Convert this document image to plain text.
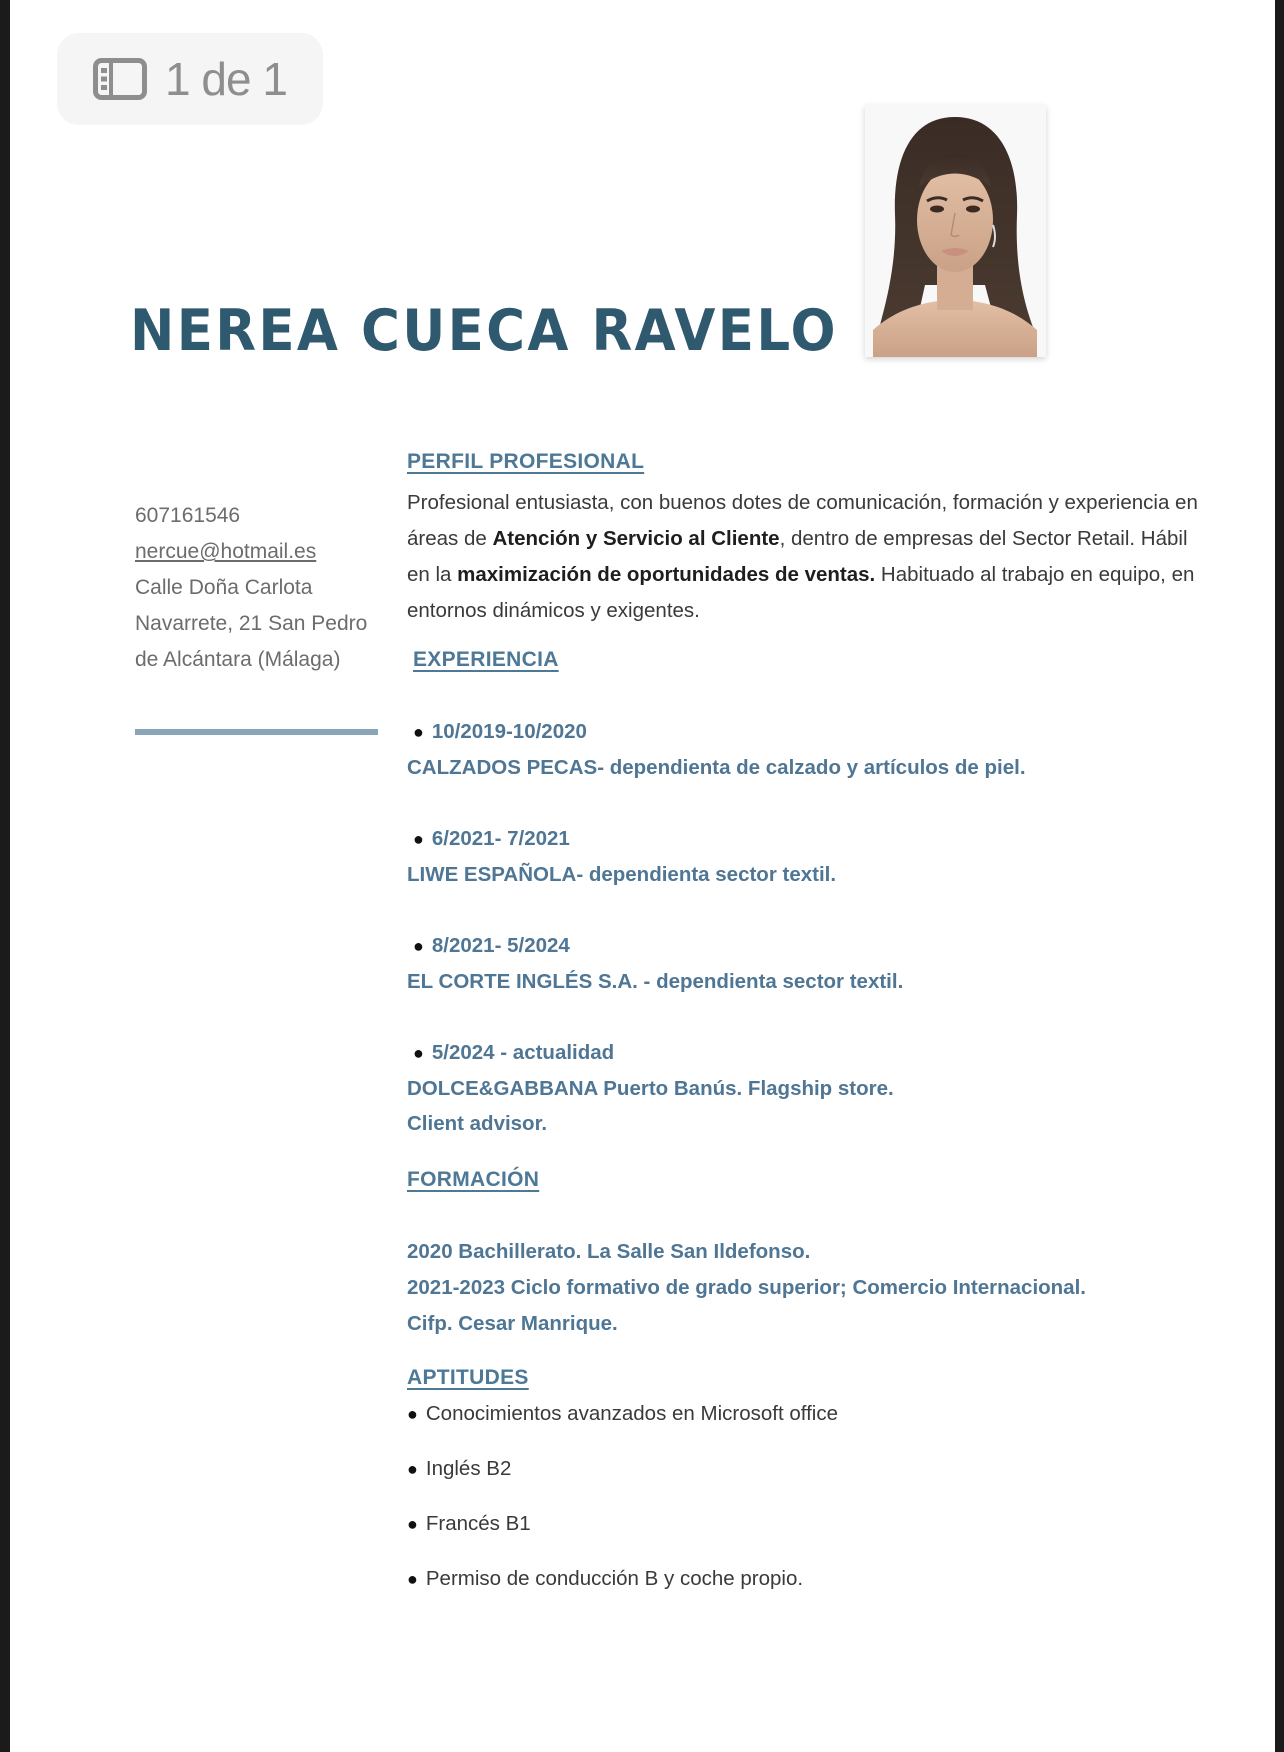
1 de 1
NEREA CUECA RAVELO
607161546
nercue@hotmail.es
Calle Doña Carlota
Navarrete, 21 San Pedro
de Alcántara (Málaga)
PERFIL PROFESIONAL
Profesional entusiasta, con buenos dotes de comunicación, formación y experiencia en áreas de Atención y Servicio al Cliente, dentro de empresas del Sector Retail. Hábil en la maximización de oportunidades de ventas. Habituado al trabajo en equipo, en entornos dinámicos y exigentes.
EXPERIENCIA
● 10/2019-10/2020
CALZADOS PECAS- dependienta de calzado y artículos de piel.
● 6/2021- 7/2021
LIWE ESPAÑOLA- dependienta sector textil.
● 8/2021- 5/2024
EL CORTE INGLÉS S.A. - dependienta sector textil.
● 5/2024 - actualidad
DOLCE&GABBANA Puerto Banús. Flagship store.
Client advisor.
FORMACIÓN
2020 Bachillerato. La Salle San Ildefonso.
2021-2023 Ciclo formativo de grado superior; Comercio Internacional.
Cifp. Cesar Manrique.
APTITUDES
● Conocimientos avanzados en Microsoft office
● Inglés B2
● Francés B1
● Permiso de conducción B y coche propio.
